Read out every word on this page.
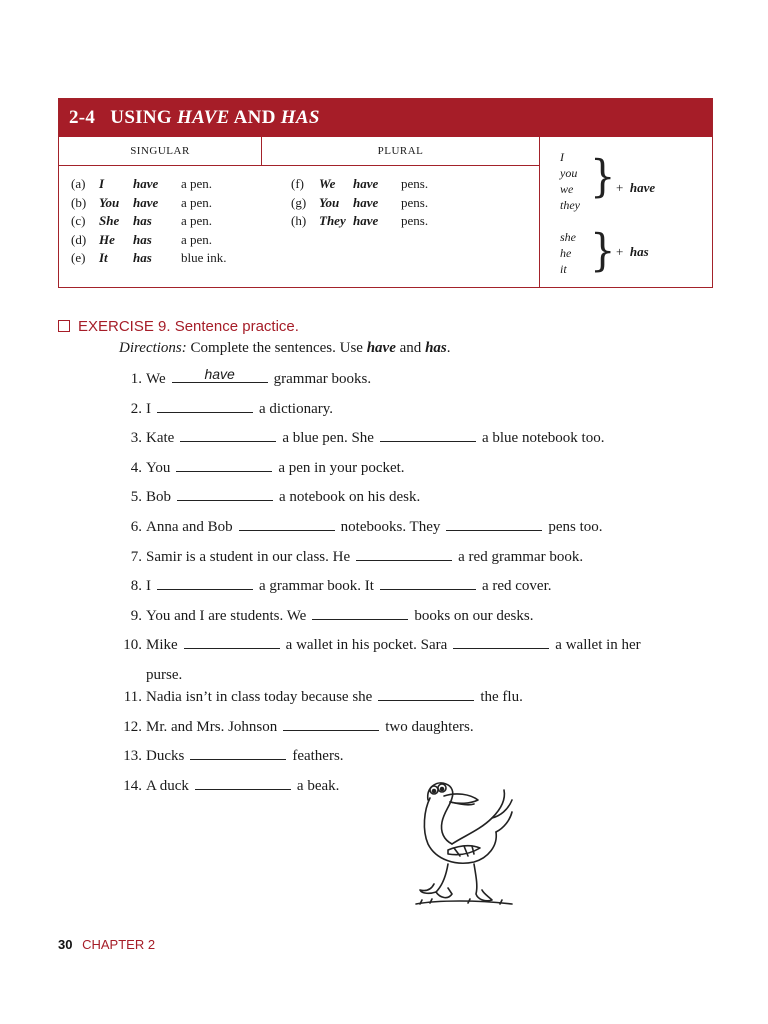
2-4 USING HAVE AND HAS
SINGULAR	PLURAL
(a) I have a pen.
(b) You have a pen.
(c) She has a pen.
(d) He has a pen.
(e) It has blue ink.
(f) We have pens.
(g) You have pens.
(h) They have pens.
I
you
we
they
} + have
she
he
it } + has
EXERCISE 9. Sentence practice.
Directions: Complete the sentences. Use have and has.
1. We	have	grammar books.
2. I	a dictionary.
3. Kate	a blue pen. She	a blue notebook too.
4. You	a pen in your pocket.
5. Bob	a notebook on his desk.
6. Anna and Bob	notebooks. They	pens too.
7. Samir is a student in our class. He	a red grammar book.
8. I	a grammar book. It	a red cover.
9. You and I are students. We	books on our desks.
10. Mike	a wallet in his pocket. Sara	a wallet in her
purse.
11. Nadia isn’t in class today because she	the flu.
12. Mr. and Mrs. Johnson	two daughters.
13. Ducks	feathers.
14. A duck	a beak.
30 CHAPTER 2
